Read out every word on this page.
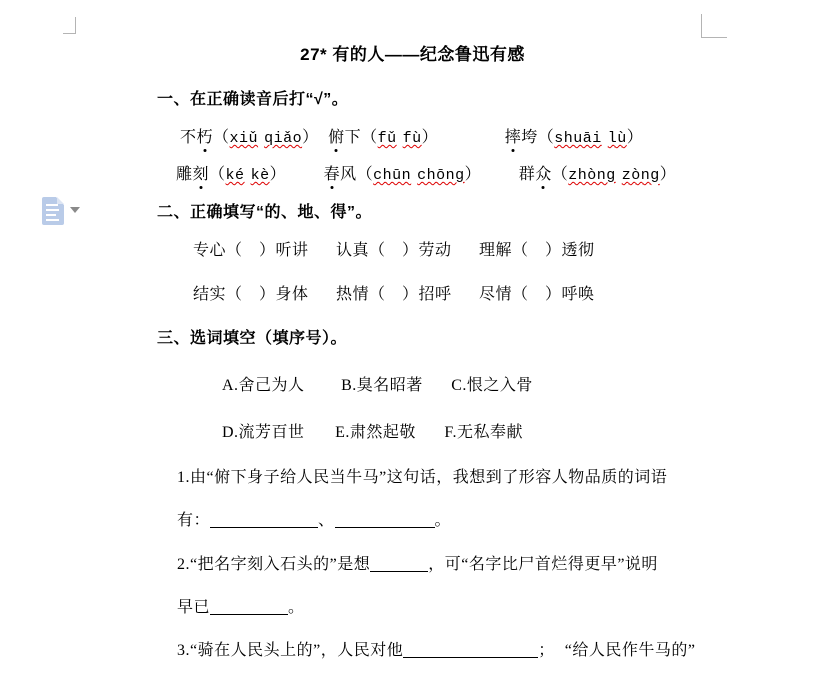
27* 有的人——纪念鲁迅有感
一、在正确读音后打“√”。
不朽（xiǔ qiǎo） 俯下（fǔ fù）	摔垮（shuāi lù）
雕刻（ké kè） 春风（chūn chōng） 群众（zhòng zòng）
二、正确填写“的、地、得”。
专心（　）听讲 认真（　）劳动 理解（　）透彻
结实（　）身体 热情（　）招呼 尽情（　）呼唤
三、选词填空（填序号）。
A.舍己为人 B.臭名昭著 C.恨之入骨
D.流芳百世 E.肃然起敬 F.无私奉献
1.由“俯下身子给人民当牛马”这句话，我想到了形容人物品质的词语
有：	、	。
2.“把名字刻入石头的”是想	，可“名字比尸首烂得更早”说明
早已	。
3.“骑在人民头上的”，人民对他	； “给人民作牛马的”
